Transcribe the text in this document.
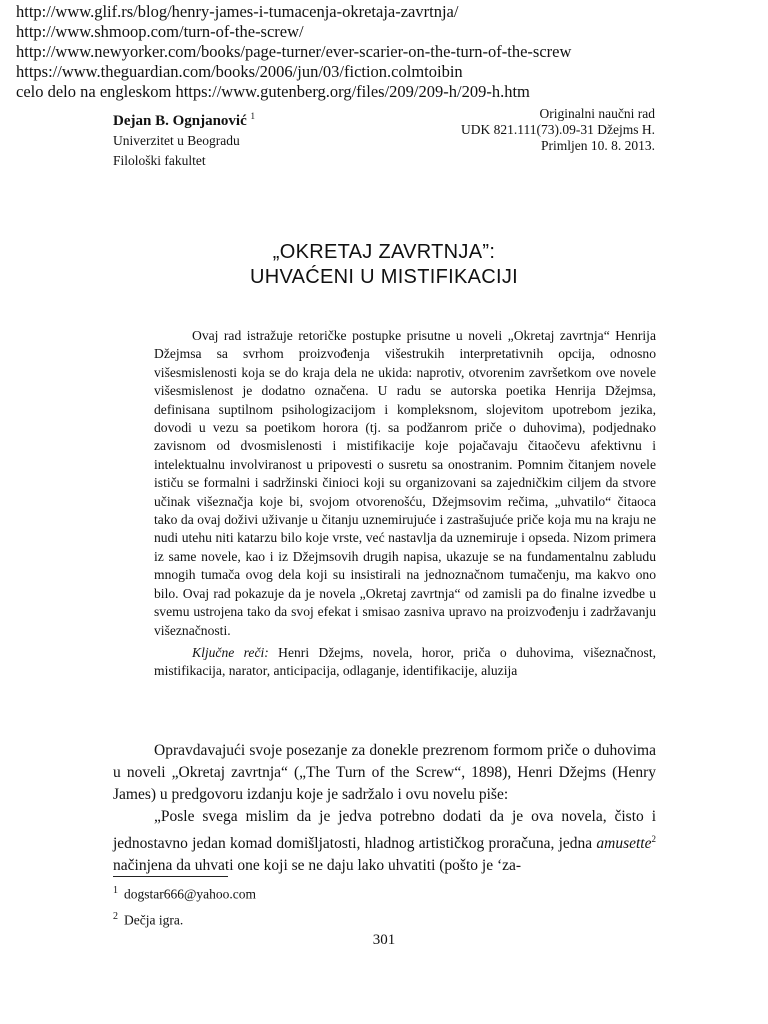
http://www.glif.rs/blog/henry-james-i-tumacenja-okretaja-zavrtnja/
http://www.shmoop.com/turn-of-the-screw/
http://www.newyorker.com/books/page-turner/ever-scarier-on-the-turn-of-the-screw
https://www.theguardian.com/books/2006/jun/03/fiction.colmtoibin
celo delo na engleskom https://www.gutenberg.org/files/209/209-h/209-h.htm
Dejan B. Ognjanović $^1$
Univerzitet u Beogradu
Filološki fakultet
Originalni naučni rad
UDK 821.111(73).09-31 Džejms H.
Primljen 10. 8. 2013.
„OKRETAJ ZAVRTNJA”:
UHVAĆENI U MISTIFIKACIJI

Ovaj rad istražuje retoričke postupke prisutne u noveli „Okretaj zavrtnja“ Henrija Džejmsa sa svrhom proizvođenja višestrukih interpretativnih opcija, odnosno višesmislenosti koja se do kraja dela ne ukida: naprotiv, otvorenim završetkom ove novele višesmislenost je dodatno označena. U radu se autorska poetika Henrija Džejmsa, definisana suptilnom psihologizacijom i kompleksnom, slojevitom upotrebom jezika, dovodi u vezu sa poetikom horora (tj. sa podžanrom priče o duhovima), podjednako zavisnom od dvosmislenosti i mistifikacije koje pojačavaju čitaočevu afektivnu i intelektualnu involviranost u pripovesti o susretu sa onostranim. Pomnim čitanjem novele ističu se formalni i sadržinski činioci koji su organizovani sa zajedničkim ciljem da stvore učinak višeznačja koje bi, svojom otvorenošću, Džejmsovim rečima, „uhvatilo“ čitaoca tako da ovaj doživi uživanje u čitanju uznemirujuće i zastrašujuće priče koja mu na kraju ne nudi utehu niti katarzu bilo koje vrste, već nastavlja da uznemiruje i opseda. Nizom primera iz same novele, kao i iz Džejmsovih drugih napisa, ukazuje se na fundamentalnu zabludu mnogih tumača ovog dela koji su insistirali na jednoznačnom tumačenju, ma kakvo ono bilo. Ovaj rad pokazuje da je novela „Okretaj zavrtnja“ od zamisli pa do finalne izvedbe u svemu ustrojena tako da svoj efekat i smisao zasniva upravo na proizvođenju i zadržavanju višeznačnosti.

Ključne reči: Henri Džejms, novela, horor, priča o duhovima, višeznačnost, mistifikacija, narator, anticipacija, odlaganje, identifikacije, aluzija

Opravdavajući svoje posezanje za donekle prezrenom formom priče o duhovima u noveli „Okretaj zavrtnja“ („The Turn of the Screw“, 1898), Henri Džejms (Henry James) u predgovoru izdanju koje je sadržalo i ovu novelu piše:

„Posle svega mislim da je jedva potrebno dodati da je ova novela, čisto i jednostavno jedan komad domišljatosti, hladnog artističkog proračuna, jedna amusette$^2$ načinjena da uhvati one koji se ne daju lako uhvatiti (pošto je ‘za-

$^1$ dogstar666@yahoo.com
$^2$ Dečja igra.
301
